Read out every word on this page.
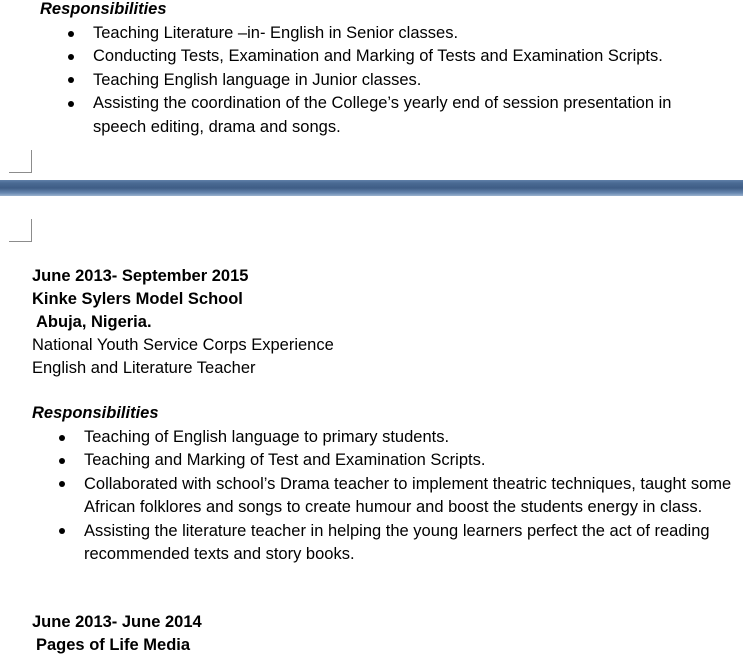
Responsibilities

Teaching Literature –in- English in Senior classes.
Conducting Tests, Examination and Marking of Tests and Examination Scripts.
Teaching English language in Junior classes.
Assisting the coordination of the College’s yearly end of session presentation in speech editing, drama and songs.

June 2013- September 2015

Kinke Sylers Model School

Abuja, Nigeria.

National Youth Service Corps Experience

English and Literature Teacher

Responsibilities

Teaching of English language to primary students.
Teaching and Marking of Test and Examination Scripts.
Collaborated with school’s Drama teacher to implement theatric techniques, taught some African folklores and songs to create humour and boost the students energy in class.
Assisting the literature teacher in helping the young learners perfect the act of reading recommended texts and story books.

June 2013- June 2014

Pages of Life Media
